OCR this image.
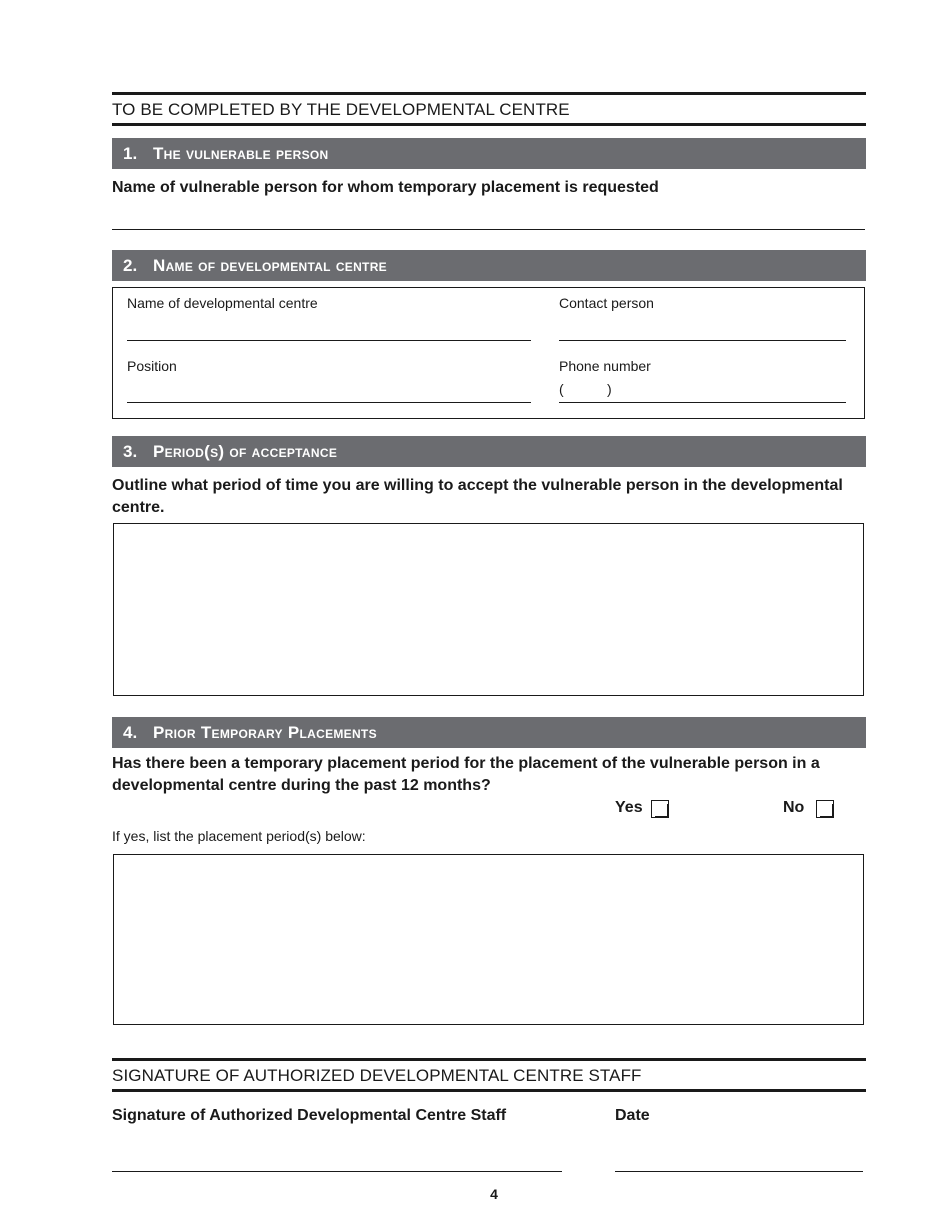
TO BE COMPLETED BY THE DEVELOPMENTAL CENTRE
1. The vulnerable person
Name of vulnerable person for whom temporary placement is requested
2. Name of developmental centre
Name of developmental centre	Contact person
Position	Phone number
(	)
3. Period(s) of acceptance
Outline what period of time you are willing to accept the vulnerable person in the developmental centre.
4. Prior Temporary Placements
Has there been a temporary placement period for the placement of the vulnerable person in a developmental centre during the past 12 months?
Yes	No
If yes, list the placement period(s) below:
SIGNATURE OF AUTHORIZED DEVELOPMENTAL CENTRE STAFF
Signature of Authorized Developmental Centre Staff	Date
4
